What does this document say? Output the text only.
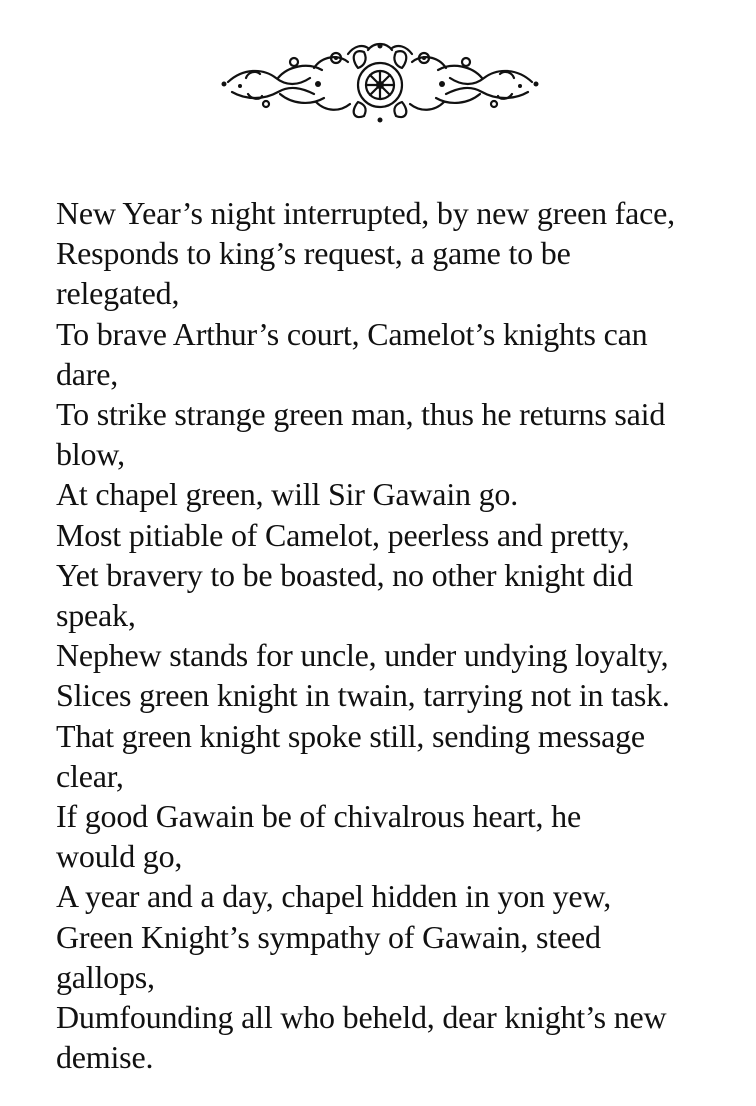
New Year’s night interrupted, by new green face,
Responds to king’s request, a game to be
relegated,
To brave Arthur’s court, Camelot’s knights can
dare,
To strike strange green man, thus he returns said
blow,
At chapel green, will Sir Gawain go.
Most pitiable of Camelot, peerless and pretty,
Yet bravery to be boasted, no other knight did
speak,
Nephew stands for uncle, under undying loyalty,
Slices green knight in twain, tarrying not in task.
That green knight spoke still, sending message
clear,
If good Gawain be of chivalrous heart, he
would go,
A year and a day, chapel hidden in yon yew,
Green Knight’s sympathy of Gawain, steed
gallops,
Dumfounding all who beheld, dear knight’s new
demise.
